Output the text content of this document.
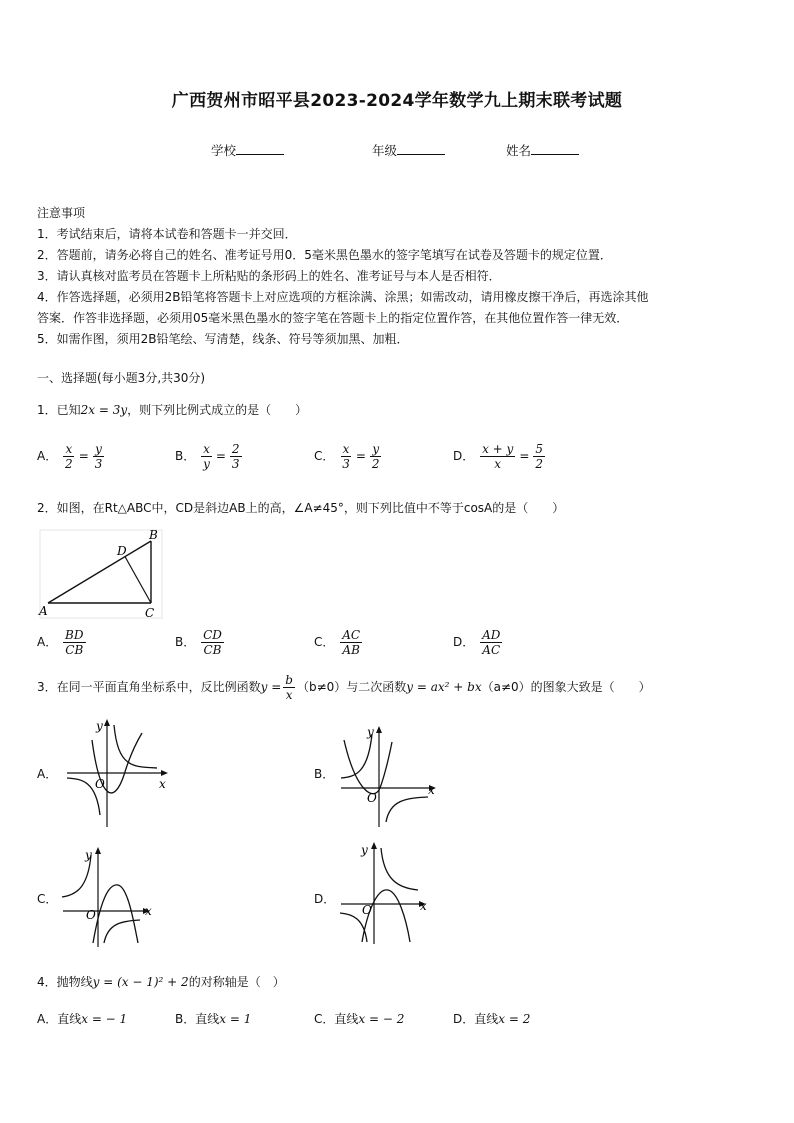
广西贺州市昭平县2023-2024学年数学九上期末联考试题
学校	年级	姓名
注意事项
1．考试结束后，请将本试卷和答题卡一并交回．
2．答题前，请务必将自己的姓名、准考证号用0．5毫米黑色墨水的签字笔填写在试卷及答题卡的规定位置．
3．请认真核对监考员在答题卡上所粘贴的条形码上的姓名、准考证号与本人是否相符．
4．作答选择题，必须用2B铅笔将答题卡上对应选项的方框涂满、涂黑；如需改动，请用橡皮擦干净后，再选涂其他
答案．作答非选择题，必须用05毫米黑色墨水的签字笔在答题卡上的指定位置作答，在其他位置作答一律无效．
5．如需作图，须用2B铅笔绘、写清楚，线条、符号等须加黑、加粗．
一、选择题(每小题3分,共30分)
1．已知2x = 3y，则下列比例式成立的是（　　）
A． $\frac{x}{2} = \frac{y}{3}$	B． $\frac{x}{y} = \frac{2}{3}$	C． $\frac{x}{3} = \frac{y}{2}$	D． $\frac{x + y}{x} = \frac{5}{2}$
2．如图，在Rt△ABC中，CD是斜边AB上的高，∠A≠45°，则下列比值中不等于cosA的是（　　）
A
B
C
D
A． $\frac{BD}{CB}$	B． $\frac{CD}{CB}$	C． $\frac{AC}{AB}$	D． $\frac{AD}{AC}$
3．在同一平面直角坐标系中，反比例函数$y = \frac{b}{x} (b\ne 0)$与二次函数y = ax² + bx（a≠0）的图象大致是（　　）
A．
O	x
y
B．
O
x
y
C．
O	x
y
D．
O	x
y
4．抛物线y = (x − 1)² + 2的对称轴是（　）
A．直线x = − 1	B．直线x = 1	C．直线x = − 2	D．直线x = 2
